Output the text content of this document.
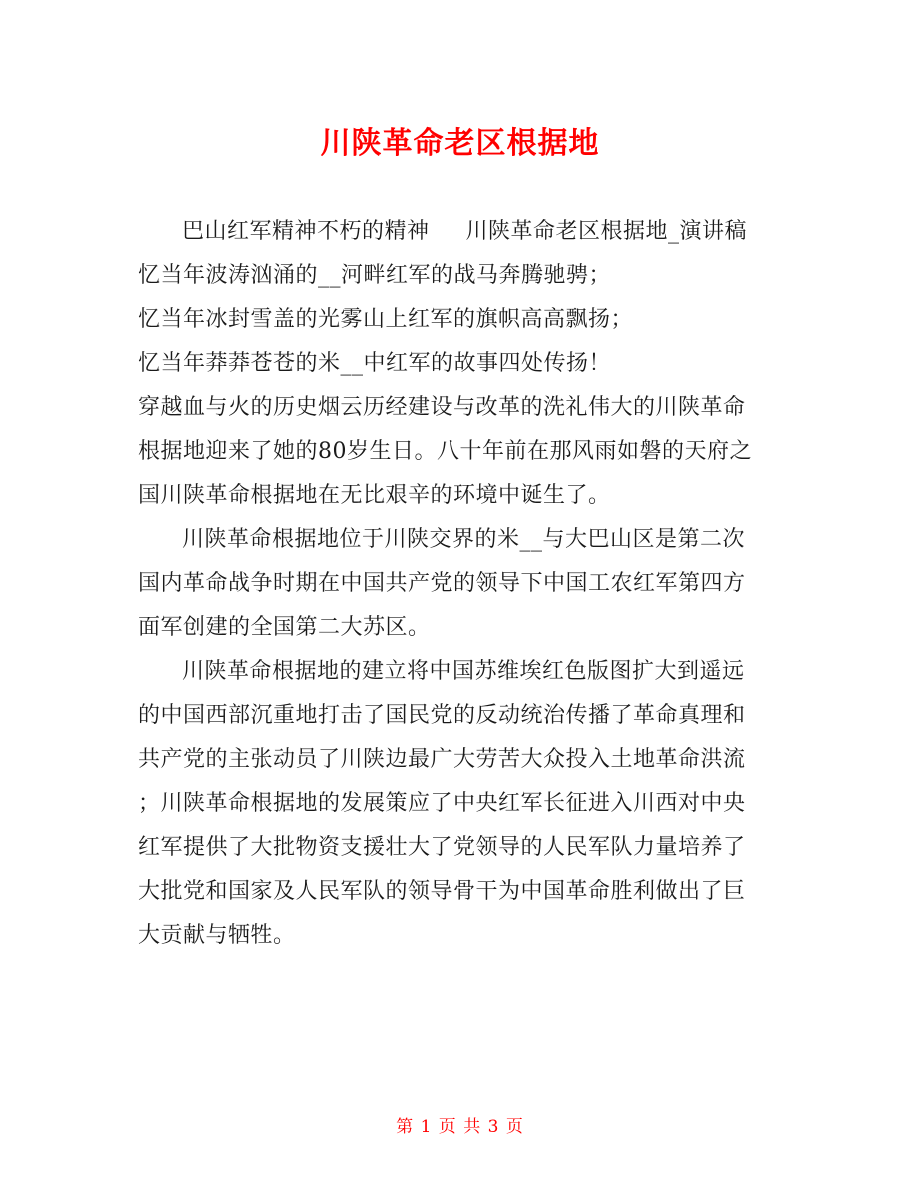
川陕革命老区根据地
巴山红军精神不朽的精神 川陕革命老区根据地_演讲稿
忆当年波涛汹涌的__河畔红军的战马奔腾驰骋；
忆当年冰封雪盖的光雾山上红军的旗帜高高飘扬；
忆当年莽莽苍苍的米__中红军的故事四处传扬！
穿越血与火的历史烟云历经建设与改革的洗礼伟大的川陕革命
根据地迎来了她的80岁生日。八十年前在那风雨如磐的天府之
国川陕革命根据地在无比艰辛的环境中诞生了。
川陕革命根据地位于川陕交界的米__与大巴山区是第二次
国内革命战争时期在中国共产党的领导下中国工农红军第四方
面军创建的全国第二大苏区。
川陕革命根据地的建立将中国苏维埃红色版图扩大到遥远
的中国西部沉重地打击了国民党的反动统治传播了革命真理和
共产党的主张动员了川陕边最广大劳苦大众投入土地革命洪流
；川陕革命根据地的发展策应了中央红军长征进入川西对中央
红军提供了大批物资支援壮大了党领导的人民军队力量培养了
大批党和国家及人民军队的领导骨干为中国革命胜利做出了巨
大贡献与牺牲。
第 1 页 共 3 页
